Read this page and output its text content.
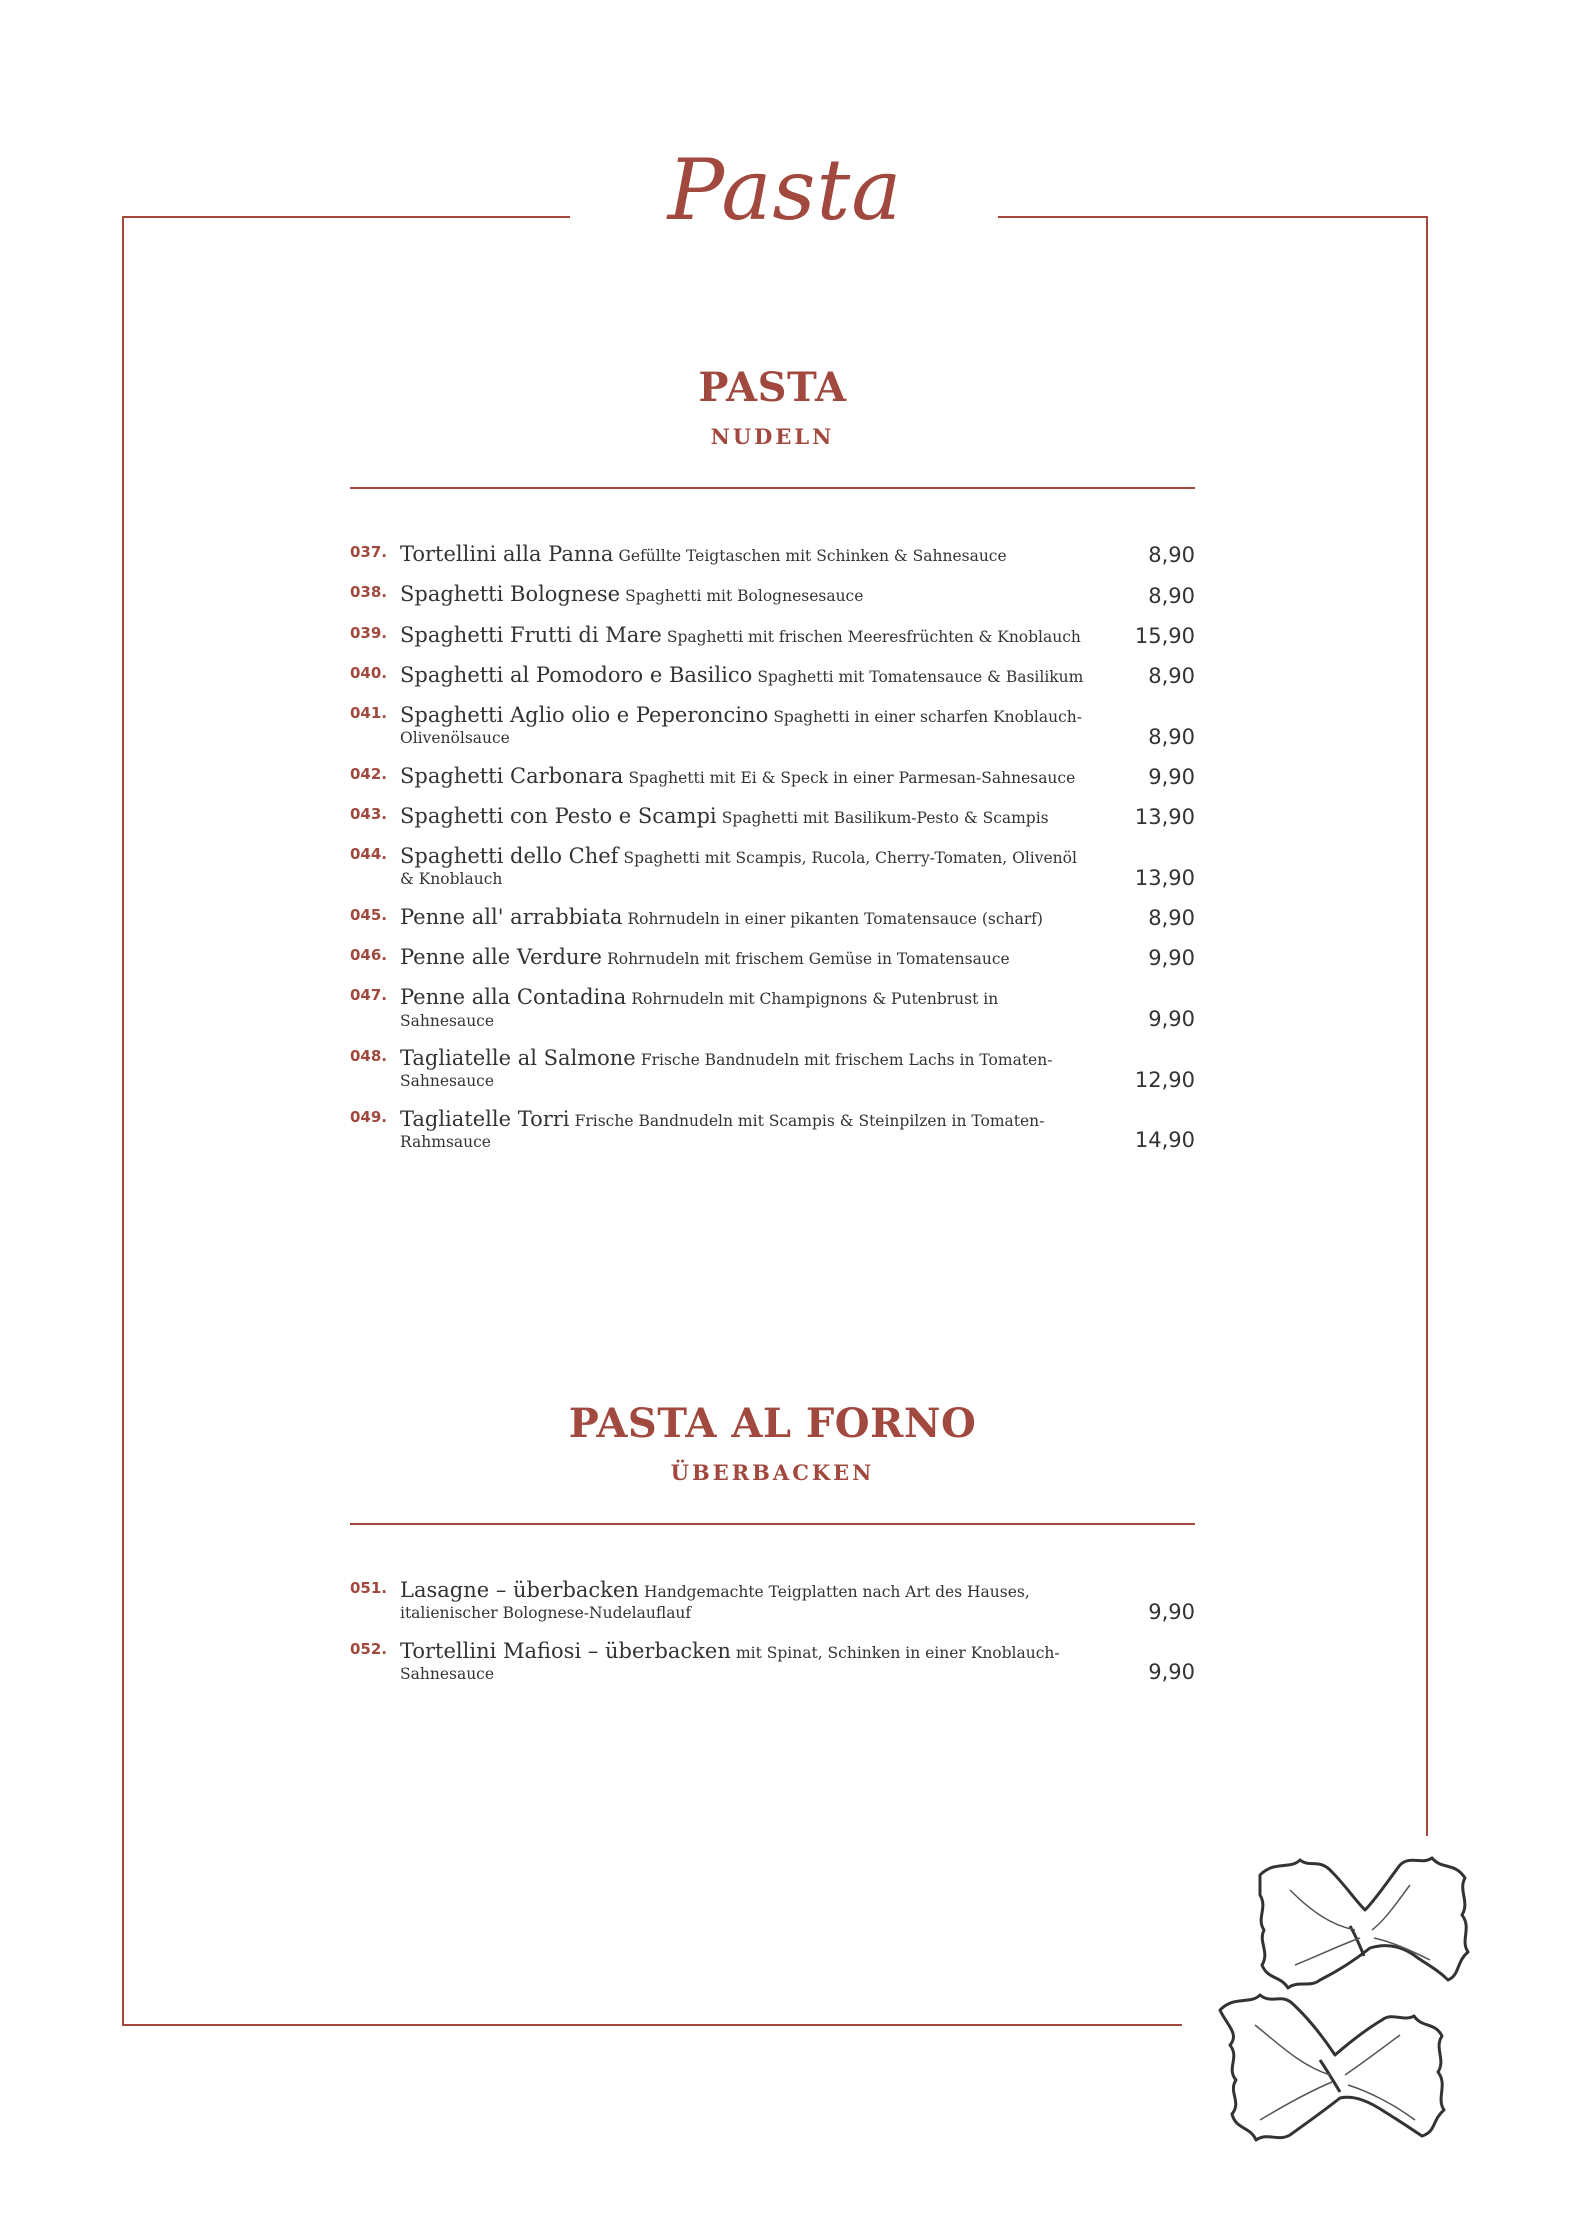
Pasta
PASTA
NUDELN
037. Tortellini alla Panna Gefüllte Teigtaschen mit Schinken & Sahnesauce	8,90
038. Spaghetti Bolognese Spaghetti mit Bolognesesauce	8,90
039. Spaghetti Frutti di Mare Spaghetti mit frischen Meeresfrüchten & Knoblauch	15,90
040. Spaghetti al Pomodoro e Basilico Spaghetti mit Tomatensauce & Basilikum	8,90
041. Spaghetti Aglio olio e Peperoncino Spaghetti in einer scharfen Knoblauch-Olivenölsauce	8,90
042. Spaghetti Carbonara Spaghetti mit Ei & Speck in einer Parmesan-Sahnesauce	9,90
043. Spaghetti con Pesto e Scampi Spaghetti mit Basilikum-Pesto & Scampis	13,90
044. Spaghetti dello Chef Spaghetti mit Scampis, Rucola, Cherry-Tomaten, Olivenöl & Knoblauch	13,90
045. Penne all' arrabbiata Rohrnudeln in einer pikanten Tomatensauce (scharf)	8,90
046. Penne alle Verdure Rohrnudeln mit frischem Gemüse in Tomatensauce	9,90
047. Penne alla Contadina Rohrnudeln mit Champignons & Putenbrust in Sahnesauce	9,90
048. Tagliatelle al Salmone Frische Bandnudeln mit frischem Lachs in Tomaten-Sahnesauce	12,90
049. Tagliatelle Torri Frische Bandnudeln mit Scampis & Steinpilzen in Tomaten-Rahmsauce	14,90
PASTA AL FORNO
ÜBERBACKEN
051. Lasagne – überbacken Handgemachte Teigplatten nach Art des Hauses, italienischer Bolognese-Nudelauflauf	9,90
052. Tortellini Mafiosi – überbacken mit Spinat, Schinken in einer Knoblauch-Sahnesauce	9,90
